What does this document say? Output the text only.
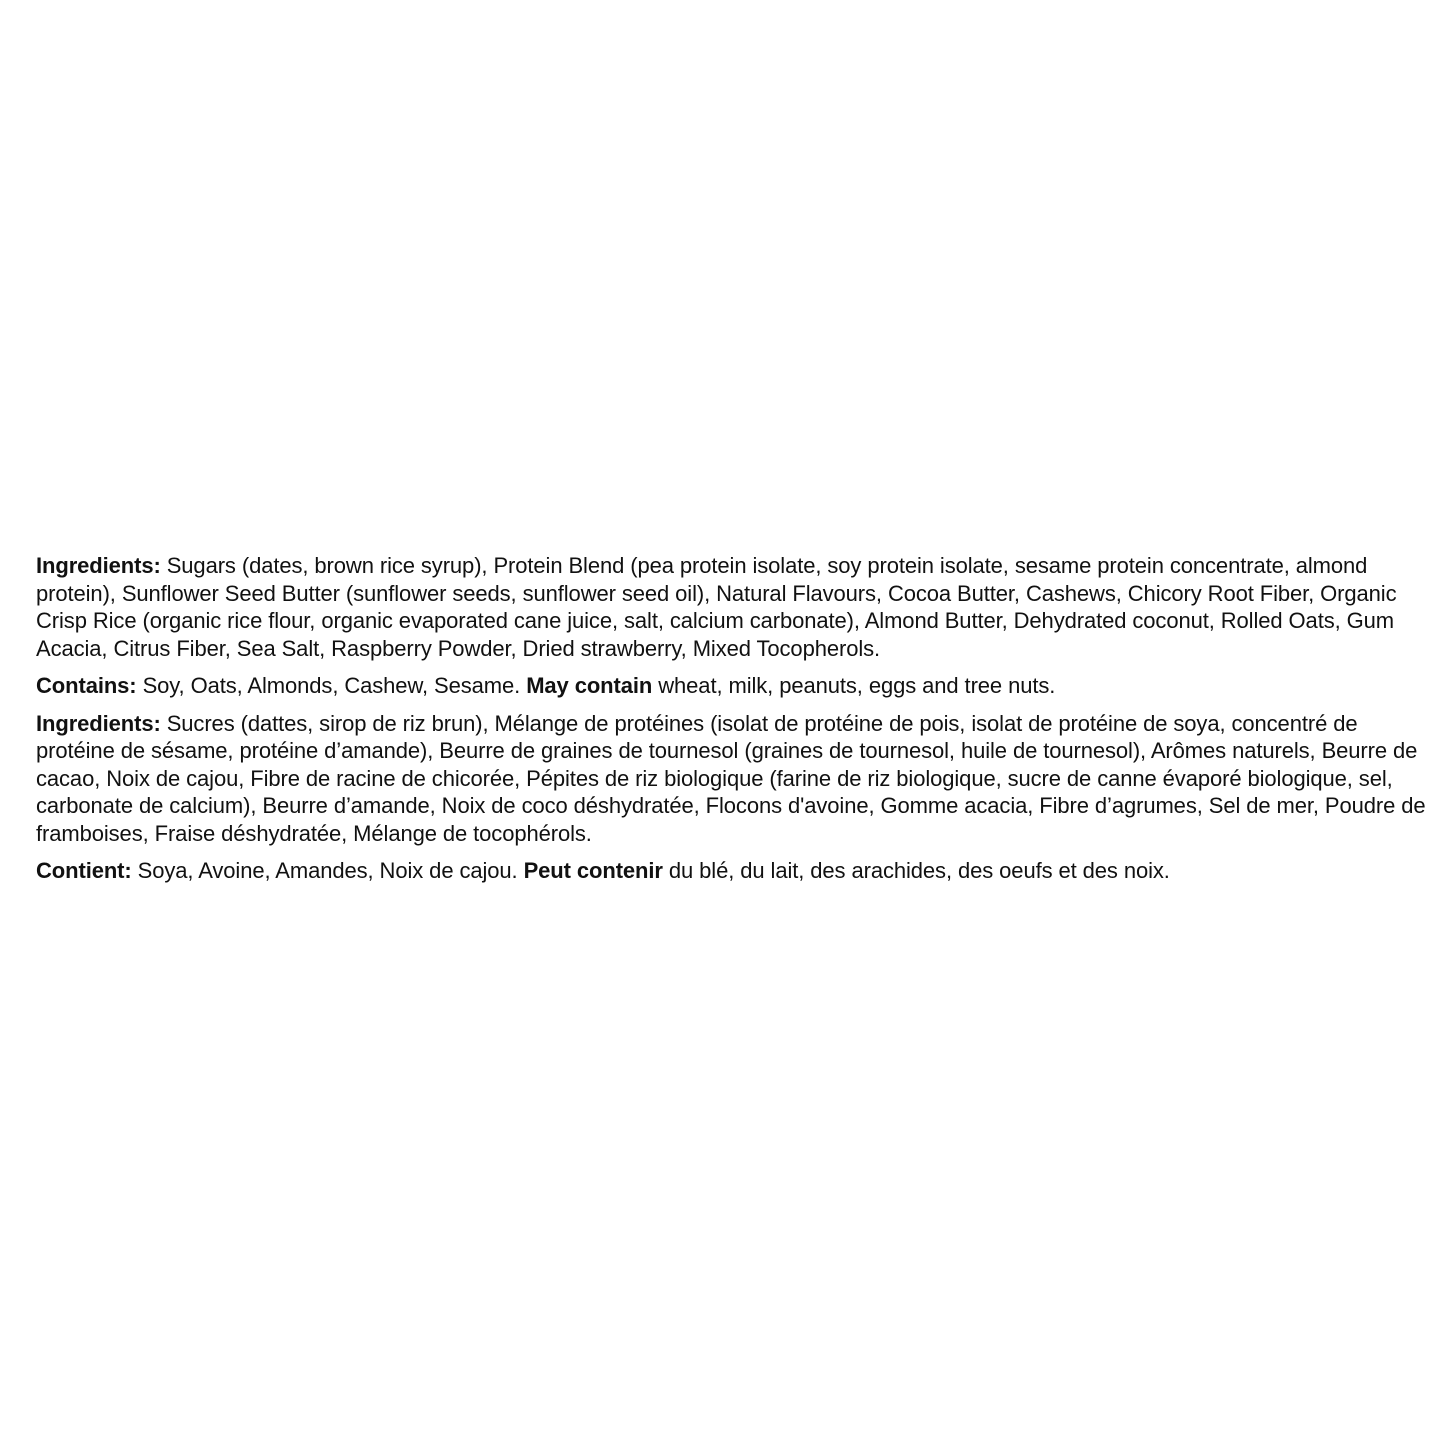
Ingredients: Sugars (dates, brown rice syrup), Protein Blend (pea protein isolate, soy protein isolate, sesame protein concentrate, almond protein), Sunflower Seed Butter (sunflower seeds, sunflower seed oil), Natural Flavours, Cocoa Butter, Cashews, Chicory Root Fiber, Organic Crisp Rice (organic rice flour, organic evaporated cane juice, salt, calcium carbonate), Almond Butter, Dehydrated coconut, Rolled Oats, Gum Acacia, Citrus Fiber, Sea Salt, Raspberry Powder, Dried strawberry, Mixed Tocopherols.

Contains: Soy, Oats, Almonds, Cashew, Sesame. May contain wheat, milk, peanuts, eggs and tree nuts.

Ingredients: Sucres (dattes, sirop de riz brun), Mélange de protéines (isolat de protéine de pois, isolat de protéine de soya, concentré de protéine de sésame, protéine d’amande), Beurre de graines de tournesol (graines de tournesol, huile de tournesol), Arômes naturels, Beurre de cacao, Noix de cajou, Fibre de racine de chicorée, Pépites de riz biologique (farine de riz biologique, sucre de canne évaporé biologique, sel, carbonate de calcium), Beurre d’amande, Noix de coco déshydratée, Flocons d'avoine, Gomme acacia, Fibre d’agrumes, Sel de mer, Poudre de framboises, Fraise déshydratée, Mélange de tocophérols.

Contient: Soya, Avoine, Amandes, Noix de cajou. Peut contenir du blé, du lait, des arachides, des oeufs et des noix.
